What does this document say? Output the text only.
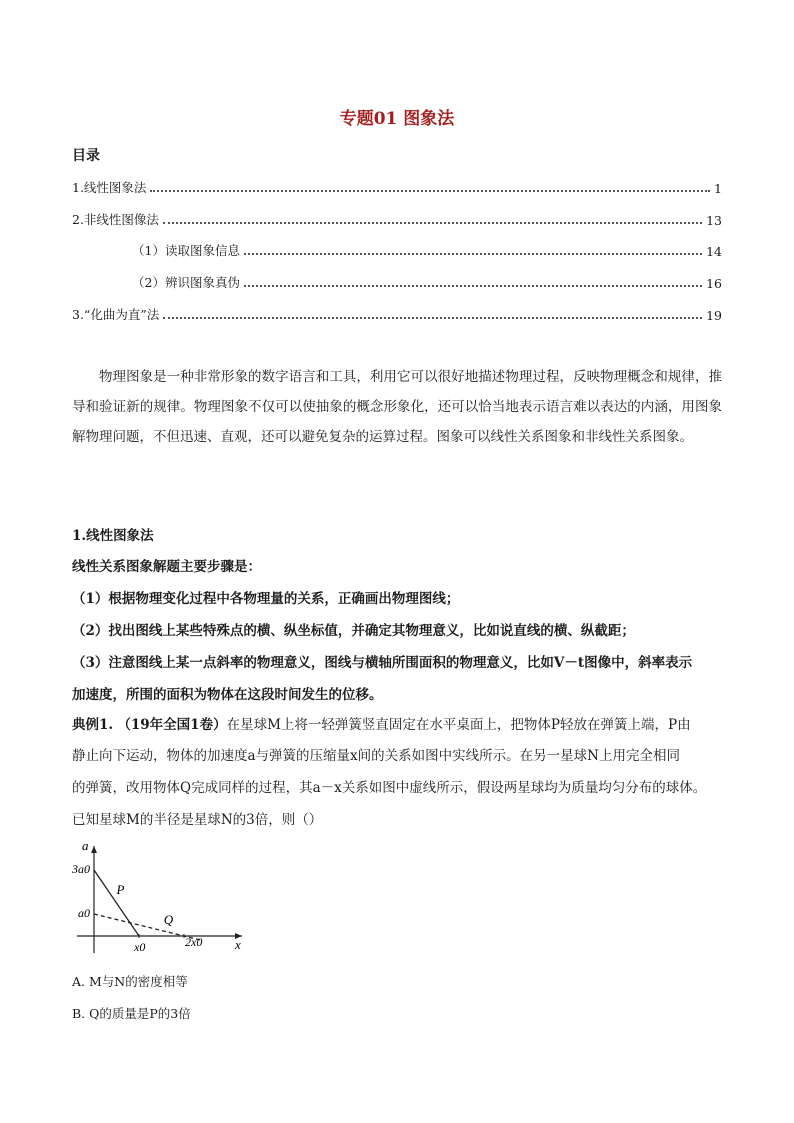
专题01 图象法
目录
1.线性图象法	1
2.非线性图像法	13
（1）读取图象信息	14
（2）辨识图象真伪	16
3.“化曲为直”法	19
物理图象是一种非常形象的数字语言和工具，利用它可以很好地描述物理过程，反映物理概念和规律，推导和验证新的规律。物理图象不仅可以使抽象的概念形象化，还可以恰当地表示语言难以表达的内涵，用图象解物理问题，不但迅速、直观，还可以避免复杂的运算过程。图象可以线性关系图象和非线性关系图象。
1.线性图象法
线性关系图象解题主要步骤是：
（1）根据物理变化过程中各物理量的关系，正确画出物理图线；
（2）找出图线上某些特殊点的横、纵坐标值，并确定其物理意义，比如说直线的横、纵截距；
（3）注意图线上某一点斜率的物理意义，图线与横轴所围面积的物理意义，比如V－t图像中，斜率表示
加速度，所围的面积为物体在这段时间发生的位移。
典例1. （19年全国1卷）在星球M上将一轻弹簧竖直固定在水平桌面上，把物体P轻放在弹簧上端，P由
静止向下运动，物体的加速度a与弹簧的压缩量x间的关系如图中实线所示。在另一星球N上用完全相同
的弹簧，改用物体Q完成同样的过程，其a－x关系如图中虚线所示，假设两星球均为质量均匀分布的球体。
已知星球M的半径是星球N的3倍，则（）
a
x
x0	2x0
3a0
a0
P
Q
A. M与N的密度相等
B. Q的质量是P的3倍
